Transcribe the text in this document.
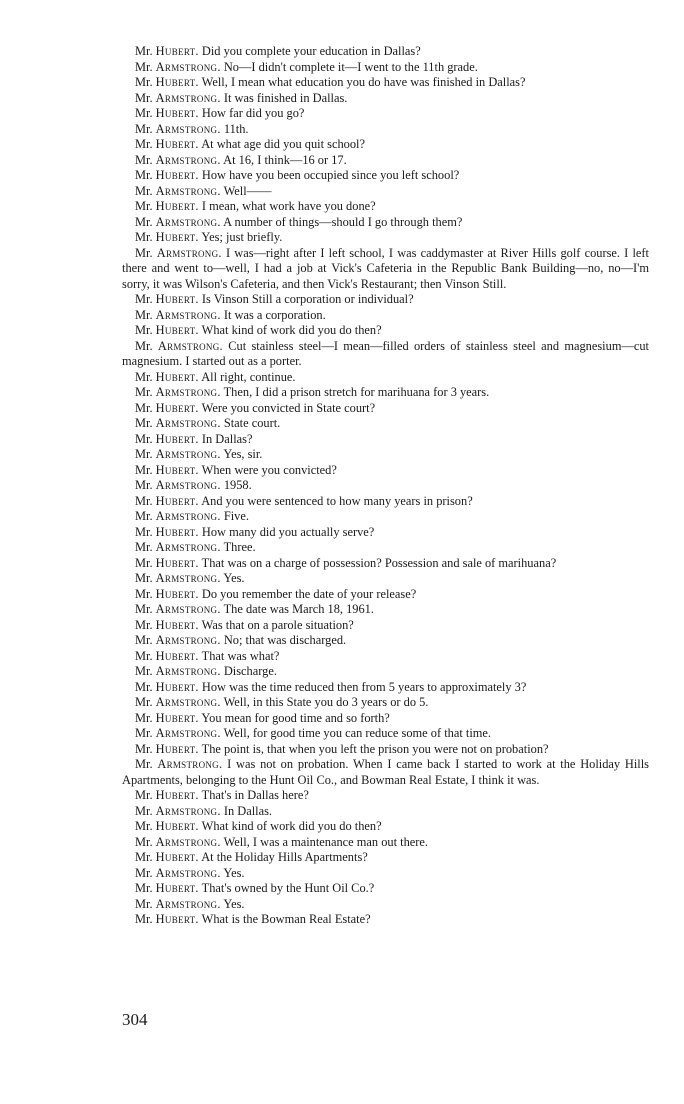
Mr. Hubert. Did you complete your education in Dallas?

Mr. Armstrong. No—I didn't complete it—I went to the 11th grade.

Mr. Hubert. Well, I mean what education you do have was finished in Dallas?

Mr. Armstrong. It was finished in Dallas.

Mr. Hubert. How far did you go?

Mr. Armstrong. 11th.

Mr. Hubert. At what age did you quit school?

Mr. Armstrong. At 16, I think—16 or 17.

Mr. Hubert. How have you been occupied since you left school?

Mr. Armstrong. Well——

Mr. Hubert. I mean, what work have you done?

Mr. Armstrong. A number of things—should I go through them?

Mr. Hubert. Yes; just briefly.

Mr. Armstrong. I was—right after I left school, I was caddymaster at River Hills golf course. I left there and went to—well, I had a job at Vick's Cafeteria in the Republic Bank Building—no, no—I'm sorry, it was Wilson's Cafeteria, and then Vick's Restaurant; then Vinson Still.

Mr. Hubert. Is Vinson Still a corporation or individual?

Mr. Armstrong. It was a corporation.

Mr. Hubert. What kind of work did you do then?

Mr. Armstrong. Cut stainless steel—I mean—filled orders of stainless steel and magnesium—cut magnesium. I started out as a porter.

Mr. Hubert. All right, continue.

Mr. Armstrong. Then, I did a prison stretch for marihuana for 3 years.

Mr. Hubert. Were you convicted in State court?

Mr. Armstrong. State court.

Mr. Hubert. In Dallas?

Mr. Armstrong. Yes, sir.

Mr. Hubert. When were you convicted?

Mr. Armstrong. 1958.

Mr. Hubert. And you were sentenced to how many years in prison?

Mr. Armstrong. Five.

Mr. Hubert. How many did you actually serve?

Mr. Armstrong. Three.

Mr. Hubert. That was on a charge of possession? Possession and sale of marihuana?

Mr. Armstrong. Yes.

Mr. Hubert. Do you remember the date of your release?

Mr. Armstrong. The date was March 18, 1961.

Mr. Hubert. Was that on a parole situation?

Mr. Armstrong. No; that was discharged.

Mr. Hubert. That was what?

Mr. Armstrong. Discharge.

Mr. Hubert. How was the time reduced then from 5 years to approximately 3?

Mr. Armstrong. Well, in this State you do 3 years or do 5.

Mr. Hubert. You mean for good time and so forth?

Mr. Armstrong. Well, for good time you can reduce some of that time.

Mr. Hubert. The point is, that when you left the prison you were not on probation?

Mr. Armstrong. I was not on probation. When I came back I started to work at the Holiday Hills Apartments, belonging to the Hunt Oil Co., and Bowman Real Estate, I think it was.

Mr. Hubert. That's in Dallas here?

Mr. Armstrong. In Dallas.

Mr. Hubert. What kind of work did you do then?

Mr. Armstrong. Well, I was a maintenance man out there.

Mr. Hubert. At the Holiday Hills Apartments?

Mr. Armstrong. Yes.

Mr. Hubert. That's owned by the Hunt Oil Co.?

Mr. Armstrong. Yes.

Mr. Hubert. What is the Bowman Real Estate?

304
